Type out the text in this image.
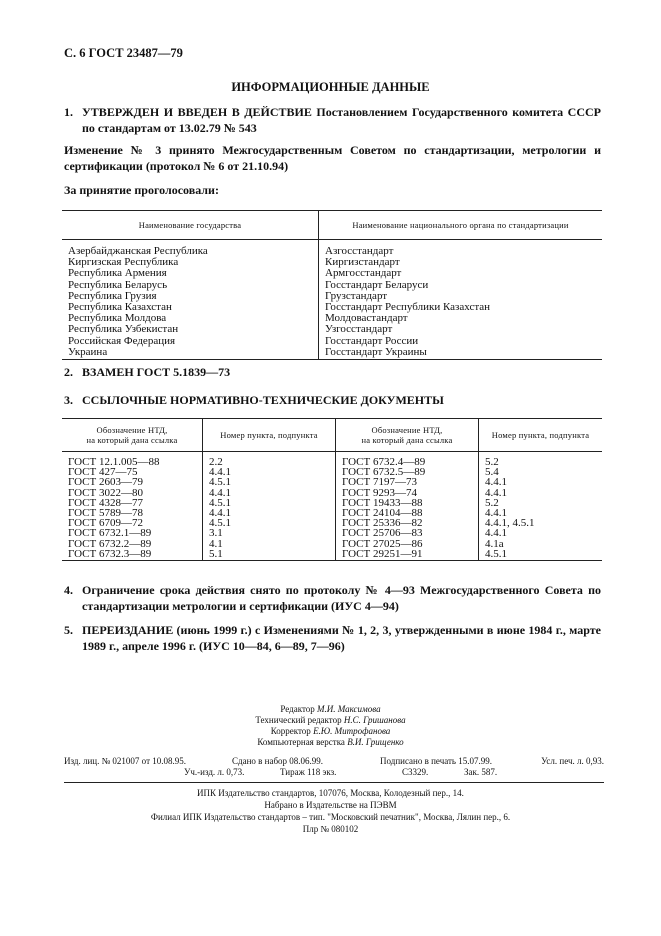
С. 6 ГОСТ 23487—79
ИНФОРМАЦИОННЫЕ ДАННЫЕ
1. УТВЕРЖДЕН И ВВЕДЕН В ДЕЙСТВИЕ Постановлением Государственного комитета СССР по стандартам от 13.02.79 № 543
Изменение № 3 принято Межгосударственным Советом по стандартизации, метрологии и сертификации (протокол № 6 от 21.10.94)
За принятие проголосовали:
Наименование государства	Наименование национального органа по стандартизации
Азербайджанская Республика	Азгосстандарт
Киргизская Республика	Киргизстандарт
Республика Армения	Армгосстандарт
Республика Беларусь	Госстандарт Беларуси
Республика Грузия	Грузстандарт
Республика Казахстан	Госстандарт Республики Казахстан
Республика Молдова	Молдовастандарт
Республика Узбекистан	Узгосстандарт
Российская Федерация	Госстандарт России
Украина	Госстандарт Украины
2. ВЗАМЕН ГОСТ 5.1839—73
3. ССЫЛОЧНЫЕ НОРМАТИВНО-ТЕХНИЧЕСКИЕ ДОКУМЕНТЫ
Обозначение НТД,
на который дана ссылка	Номер пункта, подпункта	Обозначение НТД,
на который дана ссылка	Номер пункта, подпункта
ГОСТ 12.1.005—88	2.2	ГОСТ 6732.4—89	5.2
ГОСТ 427—75	4.4.1	ГОСТ 6732.5—89	5.4
ГОСТ 2603—79	4.5.1	ГОСТ 7197—73	4.4.1
ГОСТ 3022—80	4.4.1	ГОСТ 9293—74	4.4.1
ГОСТ 4328—77	4.5.1	ГОСТ 19433—88	5.2
ГОСТ 5789—78	4.4.1	ГОСТ 24104—88	4.4.1
ГОСТ 6709—72	4.5.1	ГОСТ 25336—82	4.4.1, 4.5.1
ГОСТ 6732.1—89	3.1	ГОСТ 25706—83	4.4.1
ГОСТ 6732.2—89	4.1	ГОСТ 27025—86	4.1а
ГОСТ 6732.3—89	5.1	ГОСТ 29251—91	4.5.1
4. Ограничение срока действия снято по протоколу № 4—93 Межгосударственного Совета по стандартизации метрологии и сертификации (ИУС 4—94)
5. ПЕРЕИЗДАНИЕ (июнь 1999 г.) с Изменениями № 1, 2, 3, утвержденными в июне 1984 г., марте 1989 г., апреле 1996 г. (ИУС 10—84, 6—89, 7—96)
Редактор М.И. Максимова
Технический редактор Н.С. Гришанова
Корректор Е.Ю. Митрофанова
Компьютерная верстка В.И. Грищенко
Изд. лиц. № 021007 от 10.08.95.	Сдано в набор 08.06.99.	Подписано в печать 15.07.99.	Усл. печ. л. 0,93.
Уч.-изд. л. 0,73.	Тираж 118 экз.	С3329.	Зак. 587.
ИПК Издательство стандартов, 107076, Москва, Колодезный пер., 14.
Набрано в Издательстве на ПЭВМ
Филиал ИПК Издательство стандартов – тип. "Московский печатник", Москва, Лялин пер., 6.
Плр № 080102
